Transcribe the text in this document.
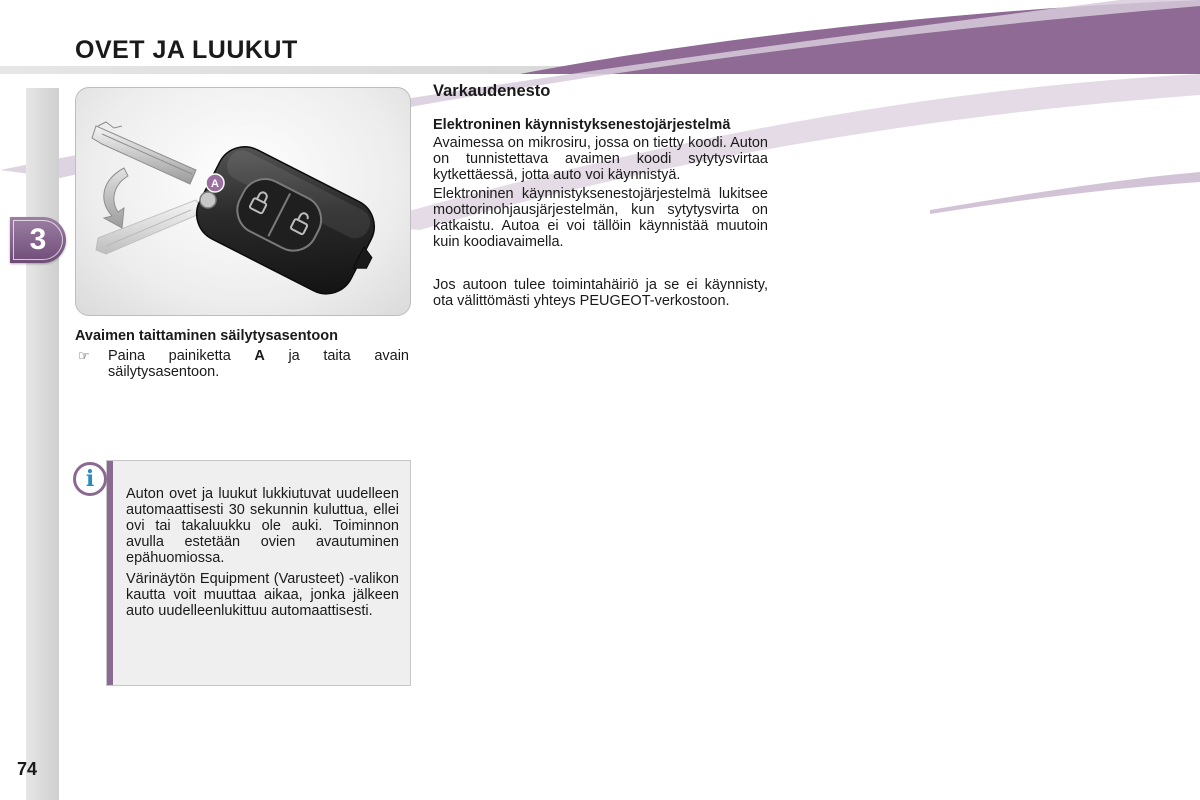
OVET JA LUUKUT
3
74
A
Avaimen taittaminen säilytysasentoon
☞	Paina painiketta A ja taita avain säilytysasentoon.

Auton ovet ja luukut lukkiutuvat uudelleen automaattisesti 30 sekunnin kuluttua, ellei ovi tai takaluukku ole auki. Toiminnon avulla estetään ovien avautuminen epähuomiossa.

Värinäytön Equipment (Varusteet) -valikon kautta voit muuttaa aikaa, jonka jälkeen auto uudelleenlukittuu automaattisesti.

i
Varkaudenesto
Elektroninen käynnistyksenestojärjestelmä

Avaimessa on mikrosiru, jossa on tietty koodi. Auton on tunnistettava avaimen koodi sytytysvirtaa kytkettäessä, jotta auto voi käynnistyä.

Elektroninen käynnistyksenestojärjestelmä lukitsee moottorinohjausjärjestelmän, kun sytytysvirta on katkaistu. Autoa ei voi tällöin käynnistää muutoin kuin koodiavaimella.

Jos autoon tulee toimintahäiriö ja se ei käynnisty, ota välittömästi yhteys PEUGEOT-verkostoon.
